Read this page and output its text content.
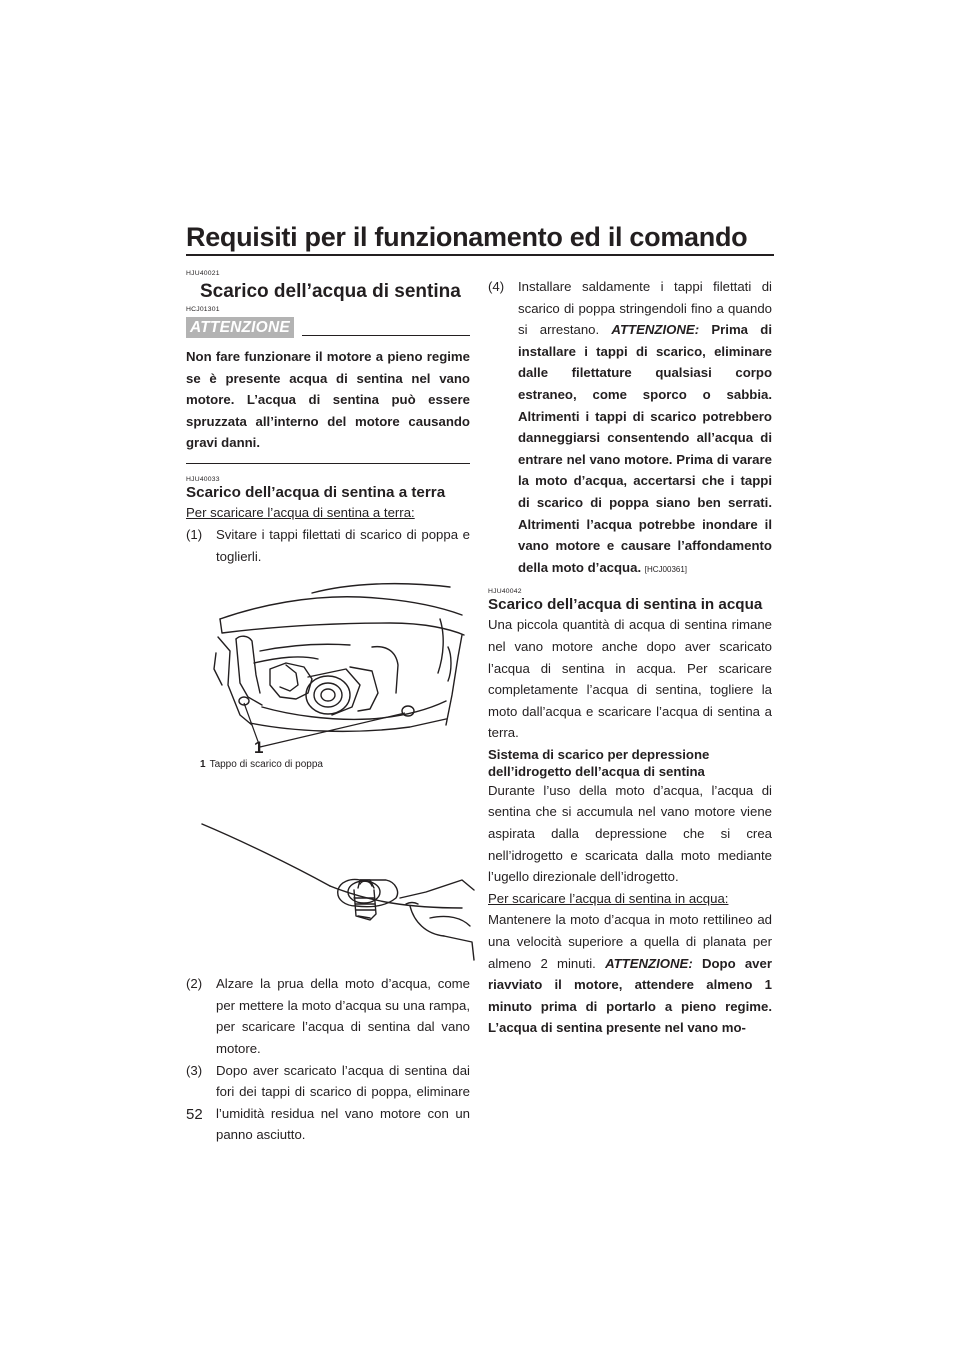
Requisiti per il funzionamento ed il comando
HJU40021
Scarico dell’acqua di sentina
HCJ01301
ATTENZIONE
Non fare funzionare il motore a pieno regime se è presente acqua di sentina nel vano motore. L’acqua di sentina può essere spruzzata all’interno del motore causando gravi danni.
HJU40033
Scarico dell’acqua di sentina a terra
Per scaricare l’acqua di sentina a terra:
(1)	Svitare i tappi filettati di scarico di poppa e toglierli.
1
1 Tappo di scarico di poppa
(2)	Alzare la prua della moto d’acqua, come per mettere la moto d’acqua su una rampa, per scaricare l’acqua di sentina dal vano motore.
(3)	Dopo aver scaricato l’acqua di sentina dai fori dei tappi di scarico di poppa, eliminare l’umidità residua nel vano motore con un panno asciutto.
(4)	Installare saldamente i tappi filettati di scarico di poppa stringendoli fino a quando si arrestano. ATTENZIONE: Prima di installare i tappi di scarico, eliminare dalle filettature qualsiasi corpo estraneo, come sporco o sabbia. Altrimenti i tappi di scarico potrebbero danneggiarsi consentendo all’acqua di entrare nel vano motore. Prima di varare la moto d’acqua, accertarsi che i tappi di scarico di poppa siano ben serrati. Altrimenti l’acqua potrebbe inondare il vano motore e causare l’affondamento della moto d’acqua. [HCJ00361]
HJU40042
Scarico dell’acqua di sentina in acqua

Una piccola quantità di acqua di sentina rimane nel vano motore anche dopo aver scaricato l’acqua di sentina in acqua. Per scaricare completamente l’acqua di sentina, togliere la moto dall’acqua e scaricare l’acqua di sentina a terra.

Sistema di scarico per depressione dell’idrogetto dell’acqua di sentina

Durante l’uso della moto d’acqua, l’acqua di sentina che si accumula nel vano motore viene aspirata dalla depressione che si crea nell’idrogetto e scaricata dalla moto mediante l’ugello direzionale dell’idrogetto.

Per scaricare l’acqua di sentina in acqua:

Mantenere la moto d’acqua in moto rettilineo ad una velocità superiore a quella di planata per almeno 2 minuti. ATTENZIONE: Dopo aver riavviato il motore, attendere almeno 1 minuto prima di portarlo a pieno regime. L’acqua di sentina presente nel vano mo-

52
